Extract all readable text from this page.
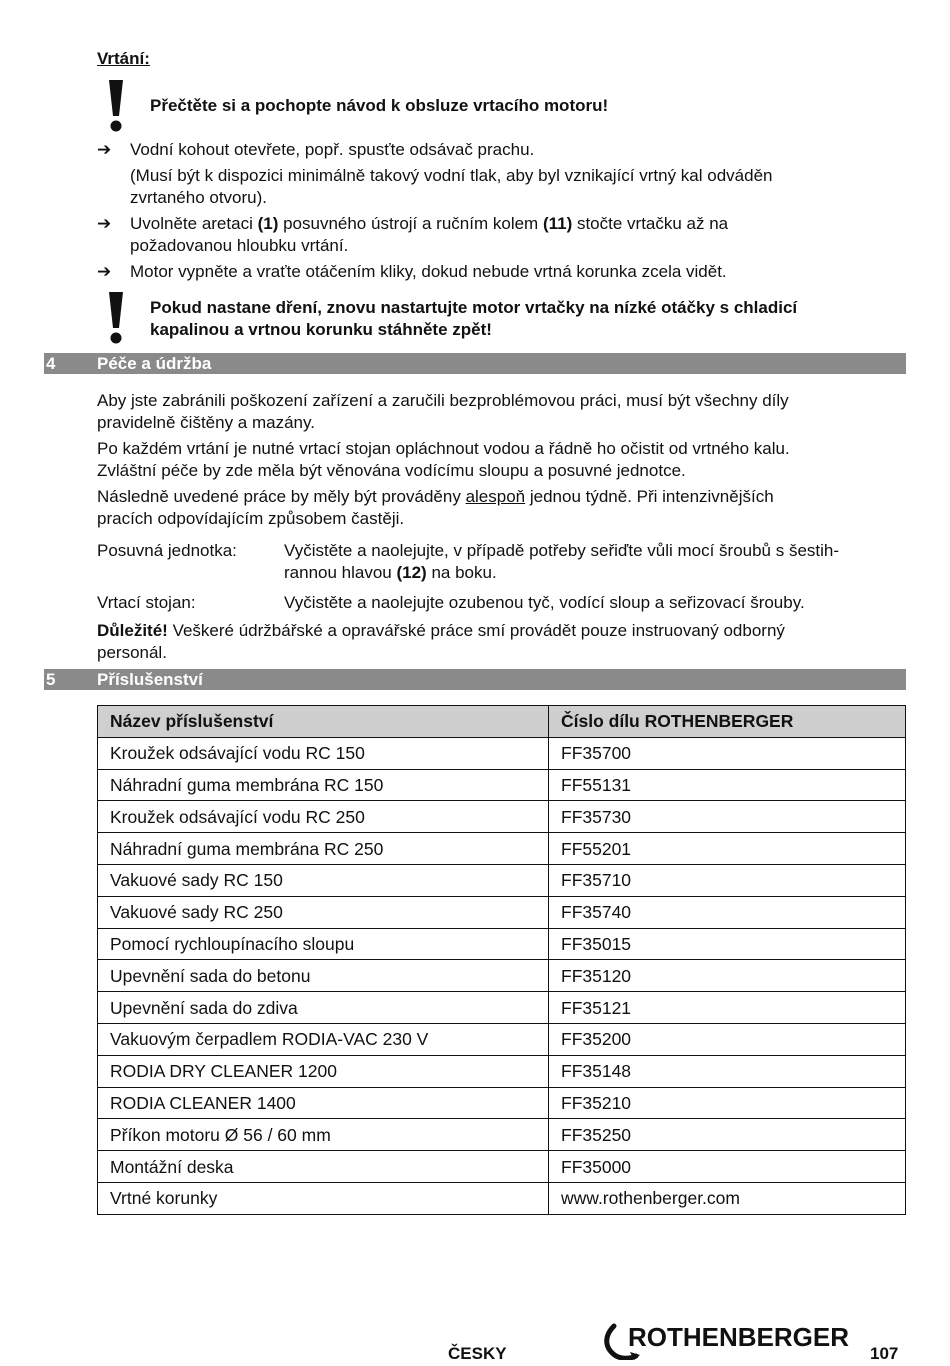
Vrtání:
Přečtěte si a pochopte návod k obsluze vrtacího motoru!
➔	Vodní kohout otevřete, popř. spusťte odsávač prachu.
(Musí být k dispozici minimálně takový vodní tlak, aby byl vznikající vrtný kal odváděn
zvrtaného otvoru).
➔	Uvolněte aretaci (1) posuvného ústrojí a ručním kolem (11) stočte vrtačku až na
požadovanou hloubku vrtání.
➔	Motor vypněte a vraťte otáčením kliky, dokud nebude vrtná korunka zcela vidět.
Pokud nastane dření, znovu nastartujte motor vrtačky na nízké otáčky s chladicí
kapalinou a vrtnou korunku stáhněte zpět!
4 Péče a údržba
Aby jste zabránili poškození zařízení a zaručili bezproblémovou práci, musí být všechny díly
pravidelně čištěny a mazány.
Po každém vrtání je nutné vrtací stojan opláchnout vodou a řádně ho očistit od vrtného kalu.
Zvláštní péče by zde měla být věnována vodícímu sloupu a posuvné jednotce.
Následně uvedené práce by měly být prováděny alespoň jednou týdně. Při intenzivnějších
pracích odpovídajícím způsobem častěji.
Posuvná jednotka:	Vyčistěte a naolejujte, v případě potřeby seřiďte vůli mocí šroubů s šestih-
rannou hlavou (12) na boku.
Vrtací stojan:	Vyčistěte a naolejujte ozubenou tyč, vodící sloup a seřizovací šrouby.
Důležité! Veškeré údržbářské a opravářské práce smí provádět pouze instruovaný odborný
personál.
5 Příslušenství
Název příslušenství	Číslo dílu ROTHENBERGER
Kroužek odsávající vodu RC 150	FF35700
Náhradní guma membrána RC 150	FF55131
Kroužek odsávající vodu RC 250	FF35730
Náhradní guma membrána RC 250	FF55201
Vakuové sady RC 150	FF35710
Vakuové sady RC 250	FF35740
Pomocí rychloupínacího sloupu	FF35015
Upevnění sada do betonu	FF35120
Upevnění sada do zdiva	FF35121
Vakuovým čerpadlem RODIA-VAC 230 V	FF35200
RODIA DRY CLEANER 1200	FF35148
RODIA CLEANER 1400	FF35210
Příkon motoru Ø 56 / 60 mm	FF35250
Montážní deska	FF35000
Vrtné korunky	www.rothenberger.com
ČESKY
ROTHENBERGER
107
